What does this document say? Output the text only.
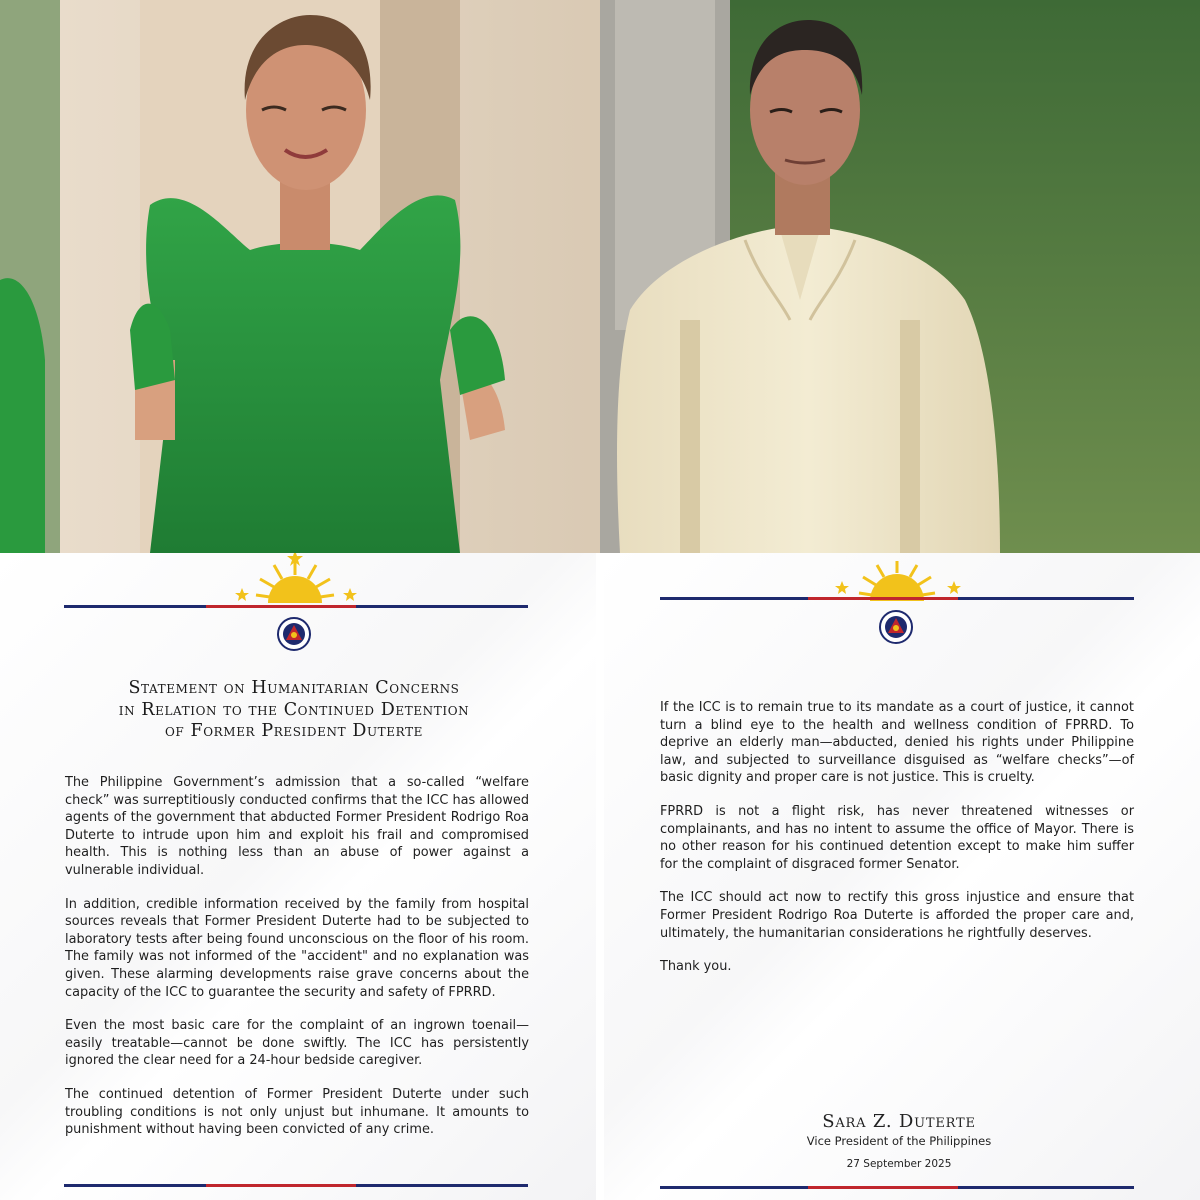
Statement on Humanitarian Concerns
in Relation to the Continued Detention
of Former President Duterte

The Philippine Government’s admission that a so-called “welfare check” was surreptitiously conducted confirms that the ICC has allowed agents of the government that abducted Former President Rodrigo Roa Duterte to intrude upon him and exploit his frail and compromised health. This is nothing less than an abuse of power against a vulnerable individual.

In addition, credible information received by the family from hospital sources reveals that Former President Duterte had to be subjected to laboratory tests after being found unconscious on the floor of his room. The family was not informed of the "accident" and no explanation was given. These alarming developments raise grave concerns about the capacity of the ICC to guarantee the security and safety of FPRRD.

Even the most basic care for the complaint of an ingrown toenail—easily treatable—cannot be done swiftly. The ICC has persistently ignored the clear need for a 24-hour bedside caregiver.

The continued detention of Former President Duterte under such troubling conditions is not only unjust but inhumane. It amounts to punishment without having been convicted of any crime.

If the ICC is to remain true to its mandate as a court of justice, it cannot turn a blind eye to the health and wellness condition of FPRRD. To deprive an elderly man—abducted, denied his rights under Philippine law, and subjected to surveillance disguised as “welfare checks”—of basic dignity and proper care is not justice. This is cruelty.

FPRRD is not a flight risk, has never threatened witnesses or complainants, and has no intent to assume the office of Mayor. There is no other reason for his continued detention except to make him suffer for the complaint of disgraced former Senator.

The ICC should act now to rectify this gross injustice and ensure that Former President Rodrigo Roa Duterte is afforded the proper care and, ultimately, the humanitarian considerations he rightfully deserves.

Thank you.

Sara Z. Duterte
Vice President of the Philippines
27 September 2025
